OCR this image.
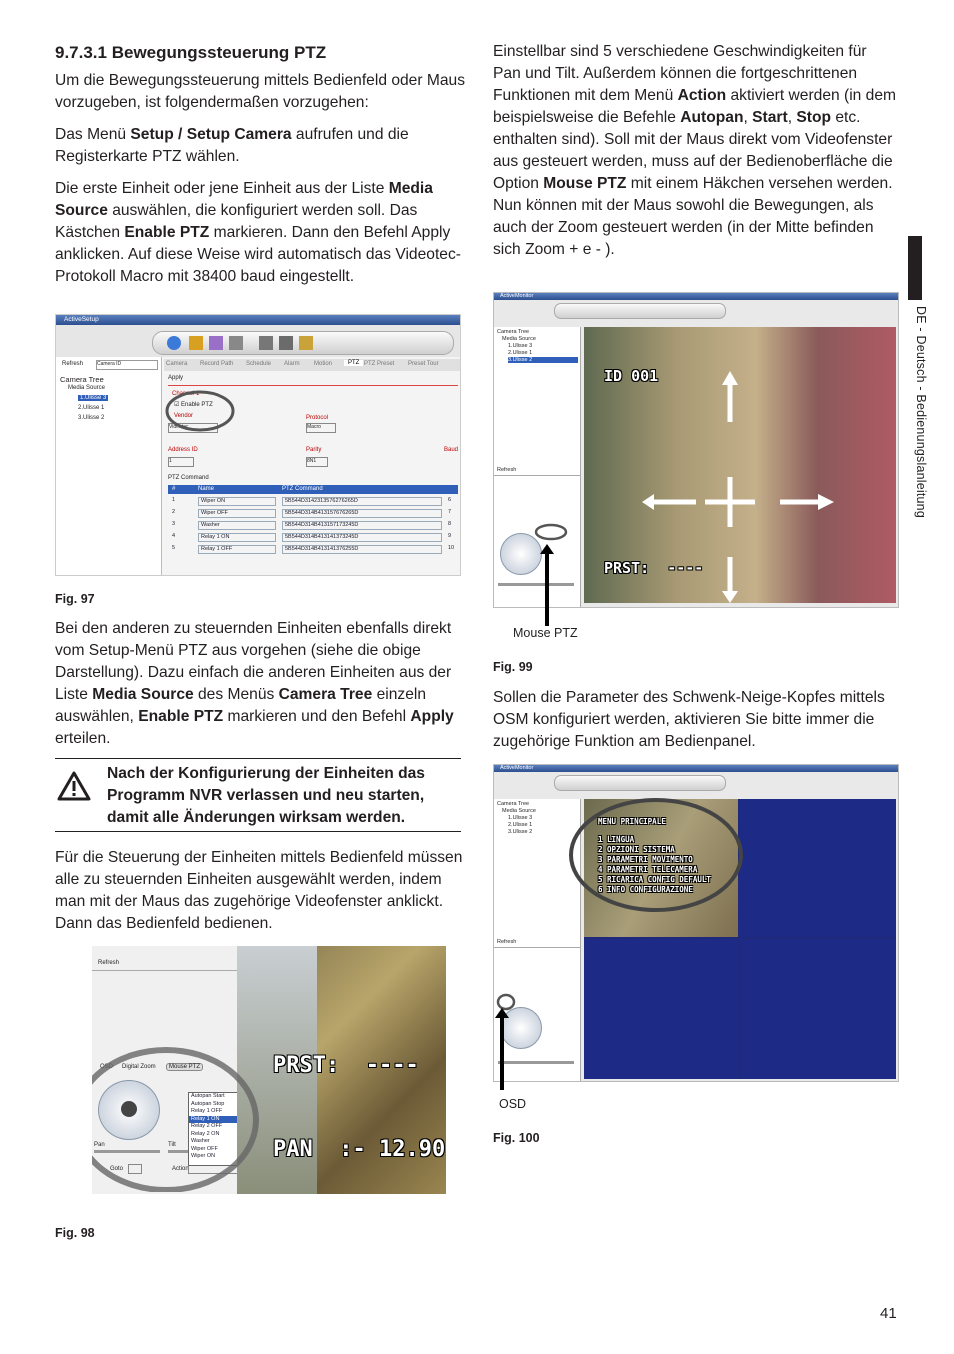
9.7.3.1 Bewegungssteuerung PTZ

Um die Bewegungssteuerung mittels Bedienfeld oder Maus vorzugeben, ist folgendermaßen vorzugehen:

Das Menü Setup / Setup Camera aufrufen und die Registerkarte PTZ wählen.

Die erste Einheit oder jene Einheit aus der Liste Media Source auswählen, die konfiguriert werden soll. Das Kästchen Enable PTZ markieren. Dann den Befehl Apply anklicken. Auf diese Weise wird automatisch das Videotec-Protokoll Macro mit 38400 baud eingestellt.

ActiveSetup
Refresh	Camera ID
Camera Tree
Media Source
1.Ulisse 3
2.Ulisse 1
3.Ulisse 2
Camera Record Path Schedule Alarm Motion	PTZ PTZ Preset Preset Tour
Apply
Channel 1
☑ Enable PTZ
Vendor
Videotec
Protocol
Macro
Address ID
1
Parity
8N1
Baud
PTZ Command
#	Name	PTZ Command
1	Wiper ON	5B544D3142313576276265D	6
2	Wiper OFF	5B544D314B413157676265D	7
3	Washer	5B544D314B413157173245D	8
4	Relay 1 ON	5B544D314B413141373245D	9
5	Relay 1 OFF	5B544D314B413141376255D	10
Fig. 97

Bei den anderen zu steuernden Einheiten ebenfalls direkt vom Setup-Menü PTZ aus vorgehen (siehe die obige Darstellung). Dazu einfach die anderen Einheiten aus der Liste Media Source des Menüs Camera Tree einzeln auswählen, Enable PTZ markieren und den Befehl Apply erteilen.

Nach der Konfigurierung der Einheiten das Programm NVR verlassen und neu starten, damit alle Änderungen wirksam werden.

Für die Steuerung der Einheiten mittels Bedienfeld müssen alle zu steuernden Einheiten ausgewählt werden, indem man mit der Maus das zugehörige Videofenster anklickt. Dann das Bedienfeld bedienen.

Refresh
OSD Digital Zoom	Mouse PTZ
Pan	Tilt
Goto	Action
Autopan Start
Autopan Stop
Relay 1 OFF
Relay 1 ON
Relay 2 OFF
Relay 2 ON
Washer
Wiper OFF
Wiper ON

PRST:  ----

PAN  :- 12.90

Fig. 98

Einstellbar sind 5 verschiedene Geschwindigkeiten für Pan und Tilt. Außerdem können die fortgeschrittenen Funktionen mit dem Menü Action aktiviert werden (in dem beispielsweise die Befehle Autopan, Start, Stop etc. enthalten sind). Soll mit der Maus direkt vom Videofenster aus gesteuert werden, muss auf der Bedienoberfläche die Option Mouse PTZ mit einem Häkchen versehen werden. Nun können mit der Maus sowohl die Bewegungen, als auch der Zoom gesteuert werden (in der Mitte befinden sich Zoom + e - ).

ActiveMonitor
Camera Tree
Media Source
1.Ulisse 3
2.Ulisse 1
3.Ulisse 2
Refresh
ID 001

PRST:  ----

Mouse PTZ
Fig. 99

Sollen die Parameter des Schwenk-Neige-Kopfes mittels OSM konfiguriert werden, aktivieren Sie bitte immer die zugehörige Funktion am Bedienpanel.

ActiveMonitor
Camera Tree
Media Source
1.Ulisse 3
2.Ulisse 1
3.Ulisse 2
Refresh
MENU PRINCIPALE
1 LINGUA
2 OPZIONI SISTEMA
3 PARAMETRI MOVIMENTO
4 PARAMETRI TELECAMERA
5 RICARICA CONFIG DEFAULT
6 INFO CONFIGURAZIONE
OSD
Fig. 100
DE - Deutsch - Bedienungslanleitung
41
